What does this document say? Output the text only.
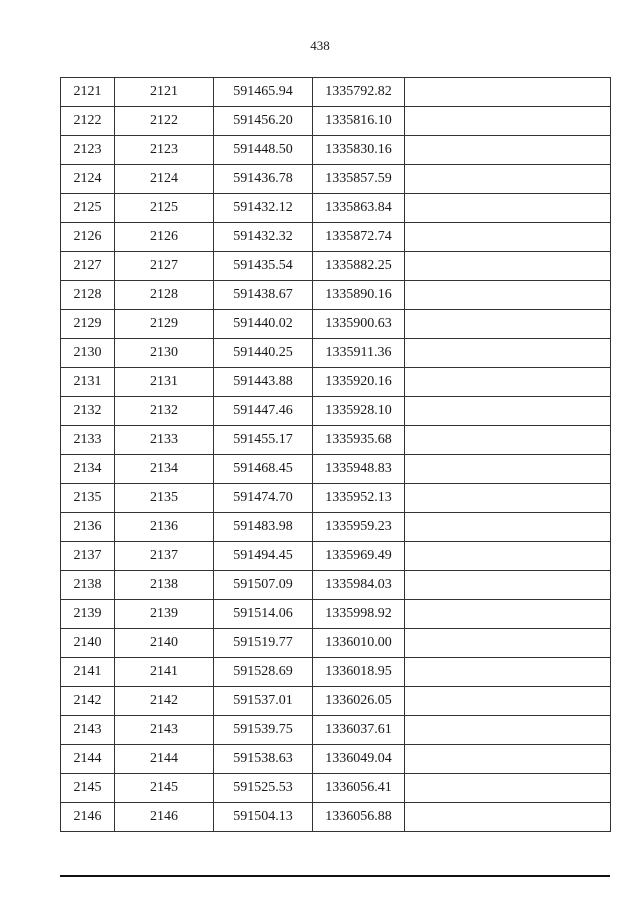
438
2121	2121	591465.94	1335792.82	
2122	2122	591456.20	1335816.10	
2123	2123	591448.50	1335830.16	
2124	2124	591436.78	1335857.59	
2125	2125	591432.12	1335863.84	
2126	2126	591432.32	1335872.74	
2127	2127	591435.54	1335882.25	
2128	2128	591438.67	1335890.16	
2129	2129	591440.02	1335900.63	
2130	2130	591440.25	1335911.36	
2131	2131	591443.88	1335920.16	
2132	2132	591447.46	1335928.10	
2133	2133	591455.17	1335935.68	
2134	2134	591468.45	1335948.83	
2135	2135	591474.70	1335952.13	
2136	2136	591483.98	1335959.23	
2137	2137	591494.45	1335969.49	
2138	2138	591507.09	1335984.03	
2139	2139	591514.06	1335998.92	
2140	2140	591519.77	1336010.00	
2141	2141	591528.69	1336018.95	
2142	2142	591537.01	1336026.05	
2143	2143	591539.75	1336037.61	
2144	2144	591538.63	1336049.04	
2145	2145	591525.53	1336056.41	
2146	2146	591504.13	1336056.88	
